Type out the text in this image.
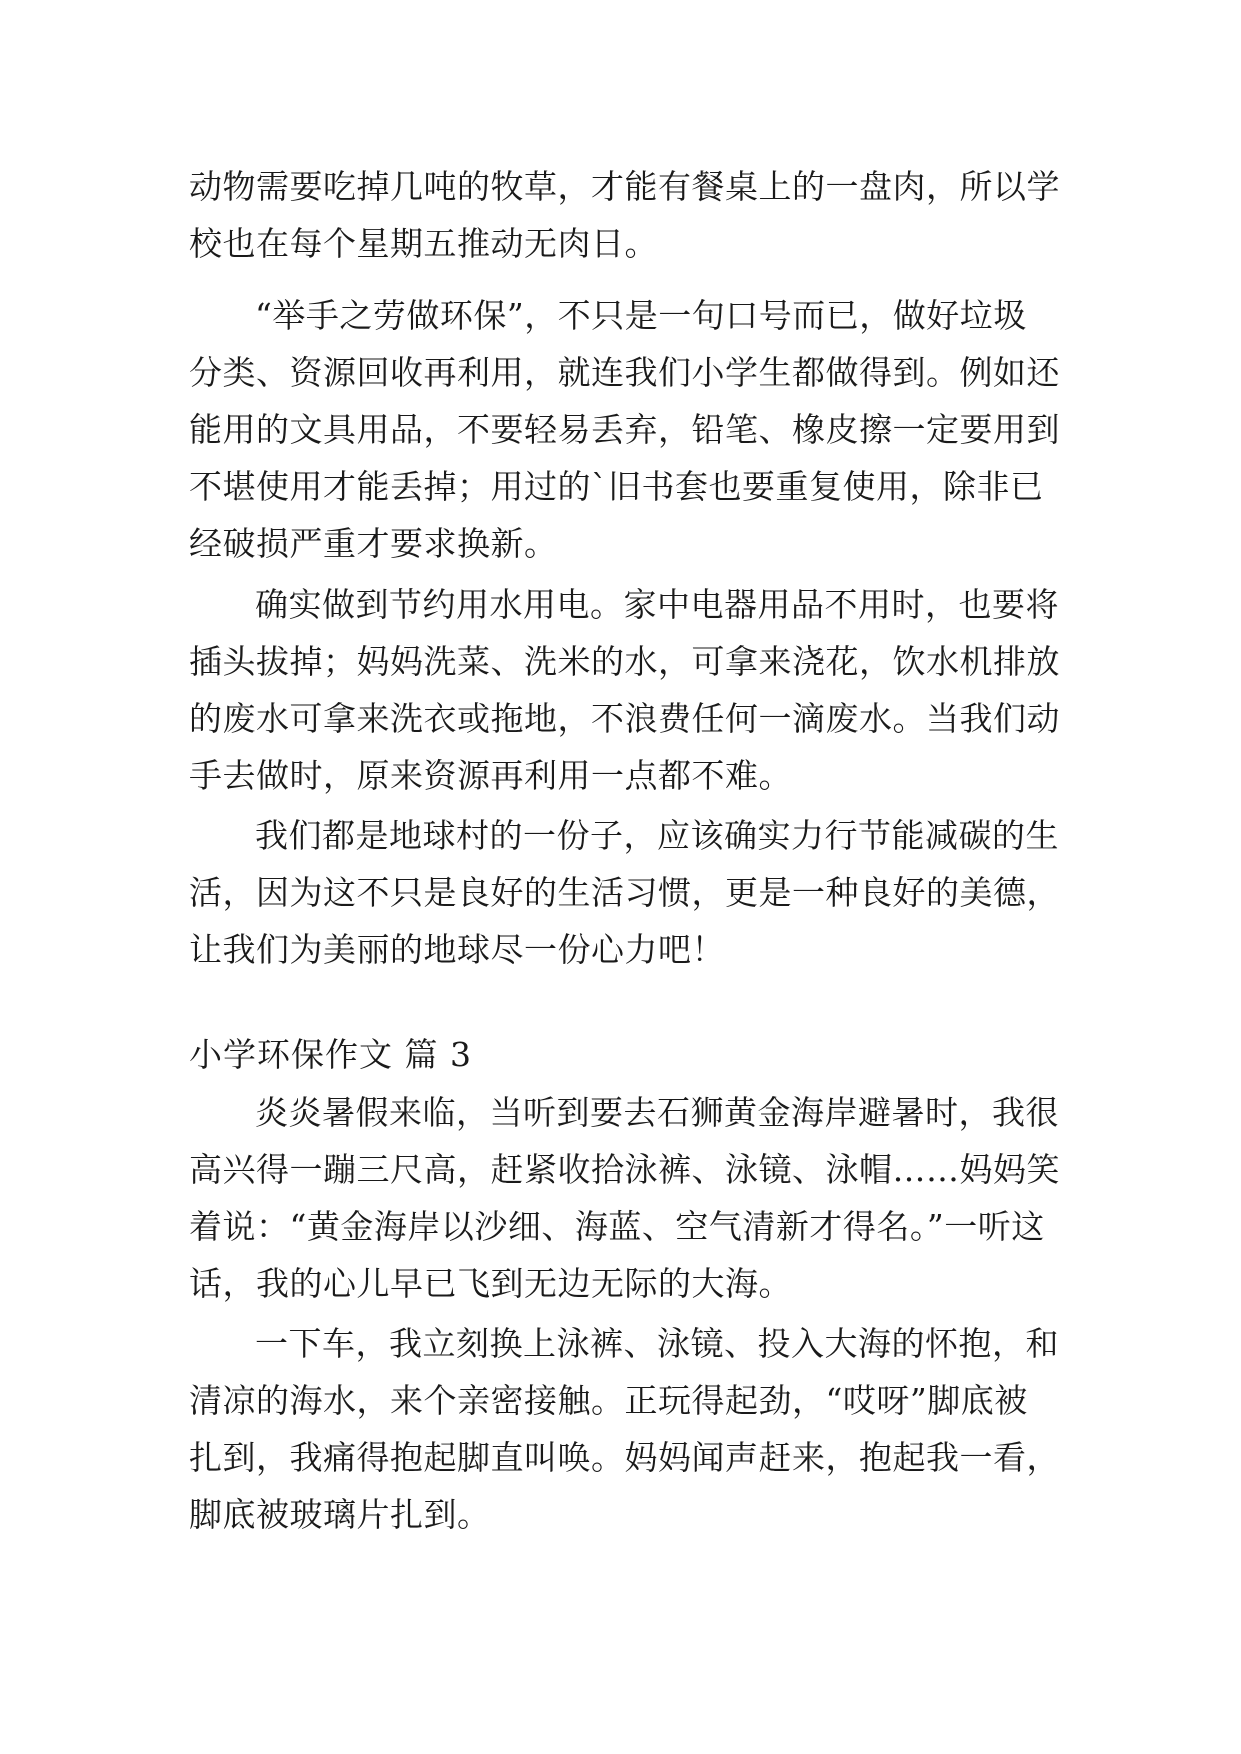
动物需要吃掉几吨的牧草，才能有餐桌上的一盘肉，所以学
校也在每个星期五推动无肉日。
“举手之劳做环保”，不只是一句口号而已，做好垃圾
分类、资源回收再利用，就连我们小学生都做得到。例如还
能用的文具用品，不要轻易丢弃，铅笔、橡皮擦一定要用到
不堪使用才能丢掉；用过的`旧书套也要重复使用，除非已
经破损严重才要求换新。
确实做到节约用水用电。家中电器用品不用时，也要将
插头拔掉；妈妈洗菜、洗米的水，可拿来浇花，饮水机排放
的废水可拿来洗衣或拖地，不浪费任何一滴废水。当我们动
手去做时，原来资源再利用一点都不难。
我们都是地球村的一份子，应该确实力行节能减碳的生
活，因为这不只是良好的生活习惯，更是一种良好的美德，
让我们为美丽的地球尽一份心力吧！
小学环保作文 篇 3
炎炎暑假来临，当听到要去石狮黄金海岸避暑时，我很
高兴得一蹦三尺高，赶紧收拾泳裤、泳镜、泳帽……妈妈笑
着说：“黄金海岸以沙细、海蓝、空气清新才得名。”一听这
话，我的心儿早已飞到无边无际的大海。
一下车，我立刻换上泳裤、泳镜、投入大海的怀抱，和
清凉的海水，来个亲密接触。正玩得起劲，“哎呀”脚底被
扎到，我痛得抱起脚直叫唤。妈妈闻声赶来，抱起我一看，
脚底被玻璃片扎到。
